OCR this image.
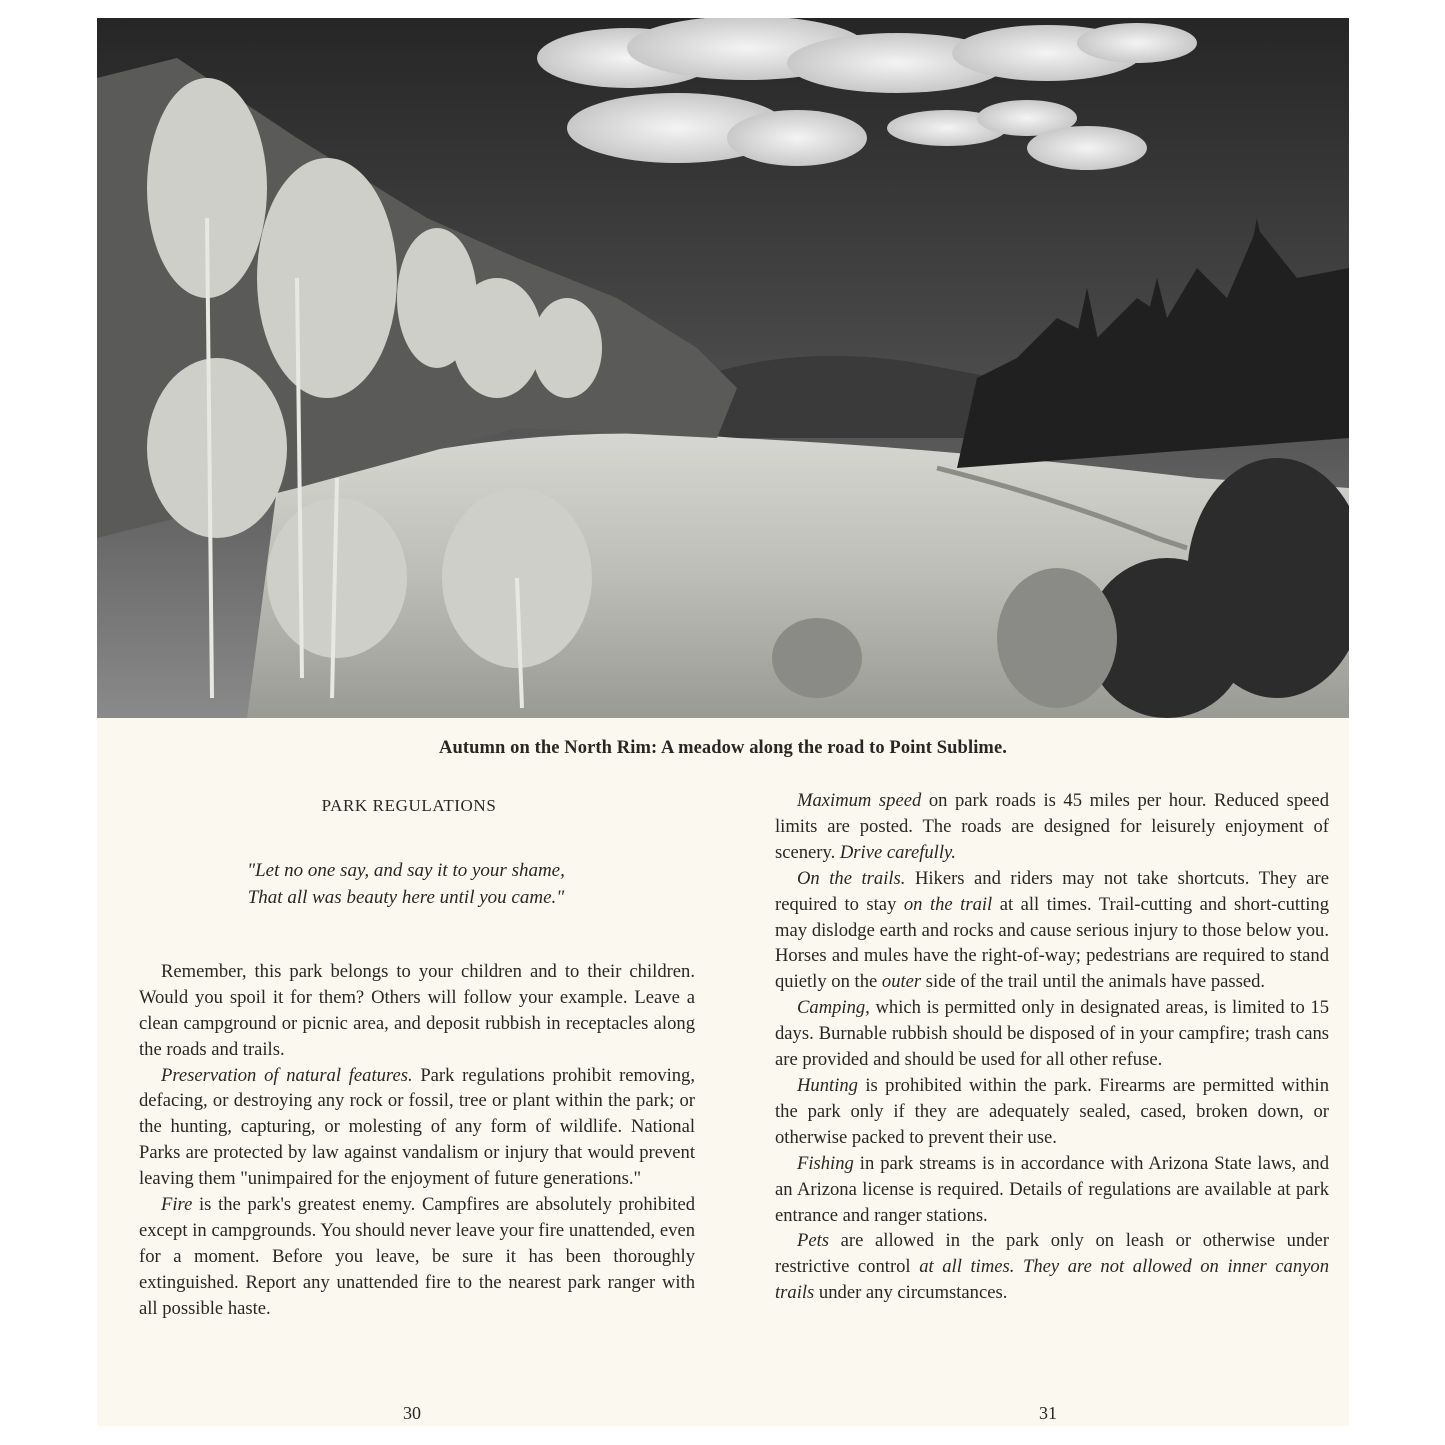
Autumn on the North Rim: A meadow along the road to Point Sublime.
PARK REGULATIONS
"Let no one say, and say it to your shame,
That all was beauty here until you came."

Remember, this park belongs to your children and to their children. Would you spoil it for them? Others will follow your example. Leave a clean campground or picnic area, and deposit rubbish in receptacles along the roads and trails.

Preservation of natural features. Park regulations prohibit removing, defacing, or destroying any rock or fossil, tree or plant within the park; or the hunting, capturing, or molesting of any form of wildlife. National Parks are protected by law against vandalism or injury that would prevent leaving them "unimpaired for the enjoyment of future generations."

Fire is the park's greatest enemy. Campfires are absolutely prohibited except in campgrounds. You should never leave your fire unattended, even for a moment. Before you leave, be sure it has been thoroughly extinguished. Report any unattended fire to the nearest park ranger with all possible haste.

Maximum speed on park roads is 45 miles per hour. Reduced speed limits are posted. The roads are designed for leisurely enjoyment of scenery. Drive carefully.

On the trails. Hikers and riders may not take shortcuts. They are required to stay on the trail at all times. Trail-cutting and short-cutting may dislodge earth and rocks and cause serious injury to those below you. Horses and mules have the right-of-way; pedestrians are required to stand quietly on the outer side of the trail until the animals have passed.

Camping, which is permitted only in designated areas, is limited to 15 days. Burnable rubbish should be disposed of in your campfire; trash cans are provided and should be used for all other refuse.

Hunting is prohibited within the park. Firearms are permitted within the park only if they are adequately sealed, cased, broken down, or otherwise packed to prevent their use.

Fishing in park streams is in accordance with Arizona State laws, and an Arizona license is required. Details of regulations are available at park entrance and ranger stations.

Pets are allowed in the park only on leash or otherwise under restrictive control at all times. They are not allowed on inner canyon trails under any circumstances.

30	31
